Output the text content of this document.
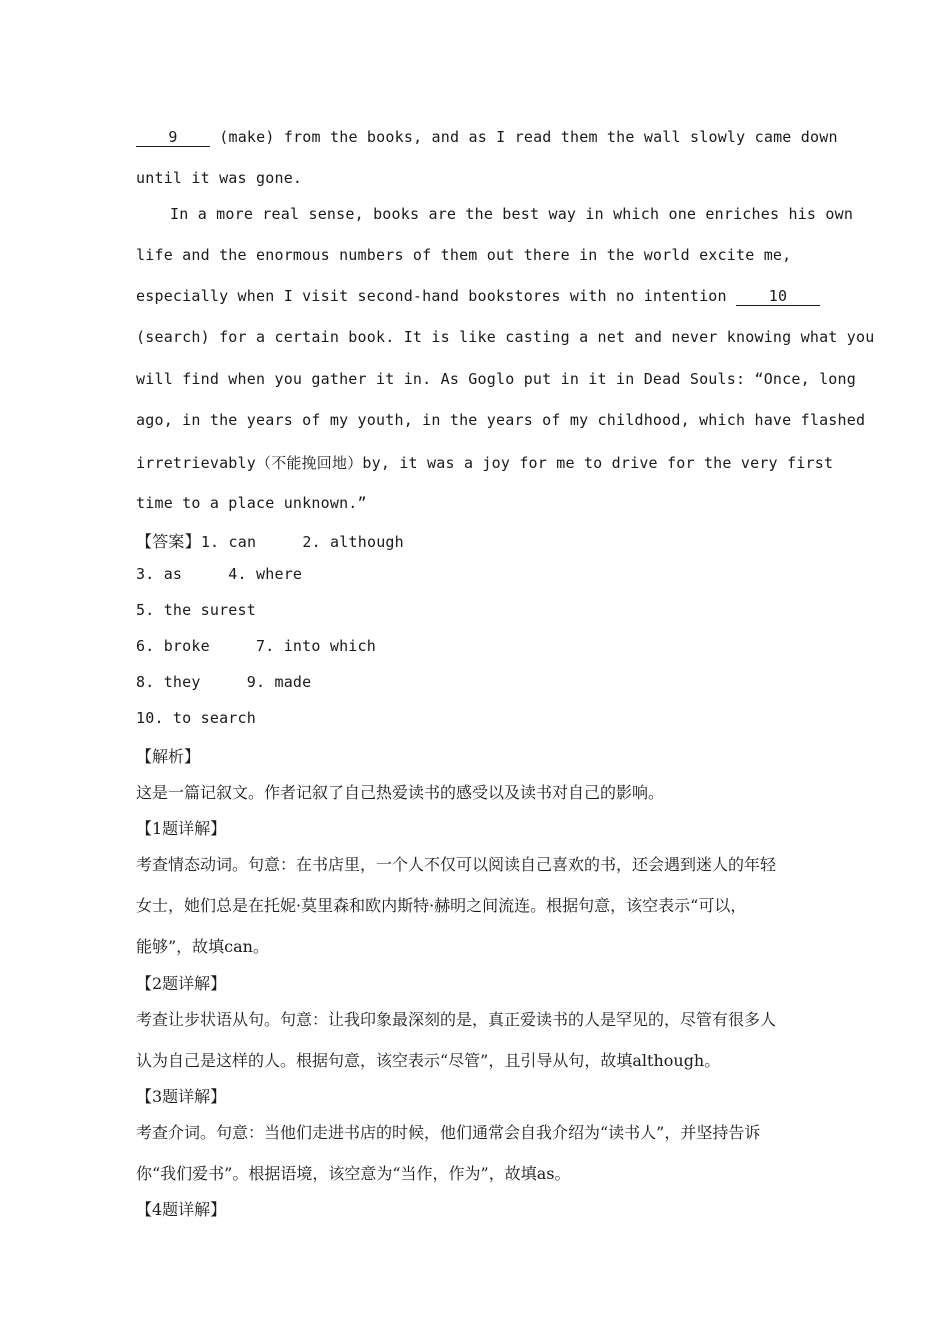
9 (make) from the books, and as I read them the wall slowly came down
until it was gone.
In a more real sense, books are the best way in which one enriches his own
life and the enormous numbers of them out there in the world excite me,
especially when I visit second-hand bookstores with no intention 10
(search) for a certain book. It is like casting a net and never knowing what you
will find when you gather it in. As Goglo put in it in Dead Souls: “Once, long
ago, in the years of my youth, in the years of my childhood, which have flashed
irretrievably（不能挽回地）by, it was a joy for me to drive for the very first
time to a place unknown.”
【答案】1. can     2. although
3. as     4. where
5. the surest
6. broke     7. into which
8. they     9. made
10. to search
【解析】
这是一篇记叙文。作者记叙了自己热爱读书的感受以及读书对自己的影响。
【1题详解】
考查情态动词。句意：在书店里，一个人不仅可以阅读自己喜欢的书，还会遇到迷人的年轻
女士，她们总是在托妮·莫里森和欧内斯特·赫明之间流连。根据句意，该空表示“可以，
能够”，故填can。
【2题详解】
考查让步状语从句。句意：让我印象最深刻的是，真正爱读书的人是罕见的，尽管有很多人
认为自己是这样的人。根据句意，该空表示“尽管”，且引导从句，故填although。
【3题详解】
考查介词。句意：当他们走进书店的时候，他们通常会自我介绍为“读书人”，并坚持告诉
你“我们爱书”。根据语境，该空意为“当作，作为”，故填as。
【4题详解】
